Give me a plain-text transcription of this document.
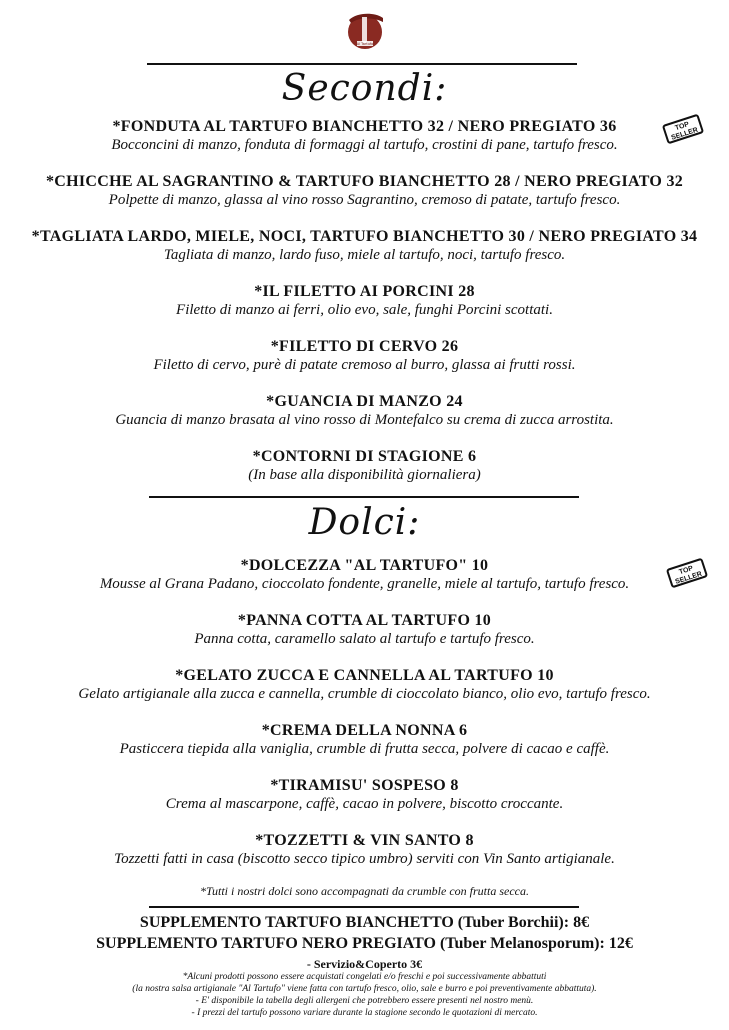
Al Tartufo
Secondi:
*FONDUTA AL TARTUFO BIANCHETTO 32 / NERO PREGIATO 36
Bocconcini di manzo, fonduta di formaggi al tartufo, crostini di pane, tartufo fresco.
TOP SELLER
*CHICCHE AL SAGRANTINO & TARTUFO BIANCHETTO 28 / NERO PREGIATO 32
Polpette di manzo, glassa al vino rosso Sagrantino, cremoso di patate, tartufo fresco.
*TAGLIATA LARDO, MIELE, NOCI, TARTUFO BIANCHETTO 30 / NERO PREGIATO 34
Tagliata di manzo, lardo fuso, miele al tartufo, noci, tartufo fresco.
*IL FILETTO AI PORCINI 28
Filetto di manzo ai ferri, olio evo, sale, funghi Porcini scottati.
*FILETTO DI CERVO 26
Filetto di cervo, purè di patate cremoso al burro, glassa ai frutti rossi.
*GUANCIA DI MANZO 24
Guancia di manzo brasata al vino rosso di Montefalco su crema di zucca arrostita.
*CONTORNI DI STAGIONE 6
(In base alla disponibilità giornaliera)
Dolci:
*DOLCEZZA "AL TARTUFO" 10
Mousse al Grana Padano, cioccolato fondente, granelle, miele al tartufo, tartufo fresco.
TOP SELLER
*PANNA COTTA AL TARTUFO 10
Panna cotta, caramello salato al tartufo e tartufo fresco.
*GELATO ZUCCA E CANNELLA AL TARTUFO 10
Gelato artigianale alla zucca e cannella, crumble di cioccolato bianco, olio evo, tartufo fresco.
*CREMA DELLA NONNA 6
Pasticcera tiepida alla vaniglia, crumble di frutta secca, polvere di cacao e caffè.
*TIRAMISU' SOSPESO 8
Crema al mascarpone, caffè, cacao in polvere, biscotto croccante.
*TOZZETTI & VIN SANTO 8
Tozzetti fatti in casa (biscotto secco tipico umbro) serviti con Vin Santo artigianale.
*Tutti i nostri dolci sono accompagnati da crumble con frutta secca.
SUPPLEMENTO TARTUFO BIANCHETTO (Tuber Borchii): 8€
SUPPLEMENTO TARTUFO NERO PREGIATO (Tuber Melanosporum): 12€
- Servizio&Coperto 3€
*Alcuni prodotti possono essere acquistati congelati e/o freschi e poi successivamente abbattuti
(la nostra salsa artigianale "Al Tartufo" viene fatta con tartufo fresco, olio, sale e burro e poi preventivamente abbattuta).
- E' disponibile la tabella degli allergeni che potrebbero essere presenti nel nostro menù.
- I prezzi del tartufo possono variare durante la stagione secondo le quotazioni di mercato.
